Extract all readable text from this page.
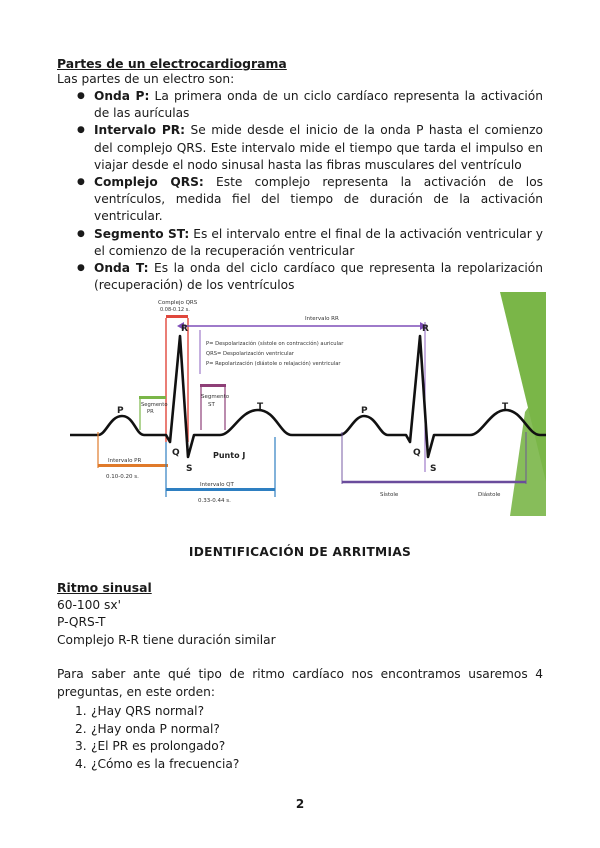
Partes de un electrocardiograma
Las partes de un electro son:
● Onda P: La primera onda de un ciclo cardíaco representa la activación de las aurículas
● Intervalo PR: Se mide desde el inicio de la onda P hasta el comienzo del complejo QRS. Este intervalo mide el tiempo que tarda el impulso en viajar desde el nodo sinusal hasta las fibras musculares del ventrículo
● Complejo QRS: Este complejo representa la activación de los ventrículos, medida fiel del tiempo de duración de la activación ventricular.
● Segmento ST: Es el intervalo entre el final de la activación ventricular y el comienzo de la recuperación ventricular
● Onda T: Es la onda del ciclo cardíaco que representa la repolarización (recuperación) de los ventrículos
Complejo QRS
0.08-0.12 s.
Intervalo RR
R	R
P= Despolarización (sístole on contracción) auricular
QRS= Despolarización ventricular
P= Repolarización (diástole o relajación) ventricular
Segmento
ST
Segmento
PR
P	T	P	T
Q
S
Q
S
Punto J
Intervalo PR
0.10-0.20 s.
Intervalo QT
0.33-0.44 s.
Sístole	Diástole
IDENTIFICACIÓN DE ARRITMIAS
Ritmo sinusal
60-100 sx'
P-QRS-T
Complejo R-R tiene duración similar
Para saber ante qué tipo de ritmo cardíaco nos encontramos usaremos 4 preguntas, en este orden:
1. ¿Hay QRS normal?
2. ¿Hay onda P normal?
3. ¿El PR es prolongado?
4. ¿Cómo es la frecuencia?
2
